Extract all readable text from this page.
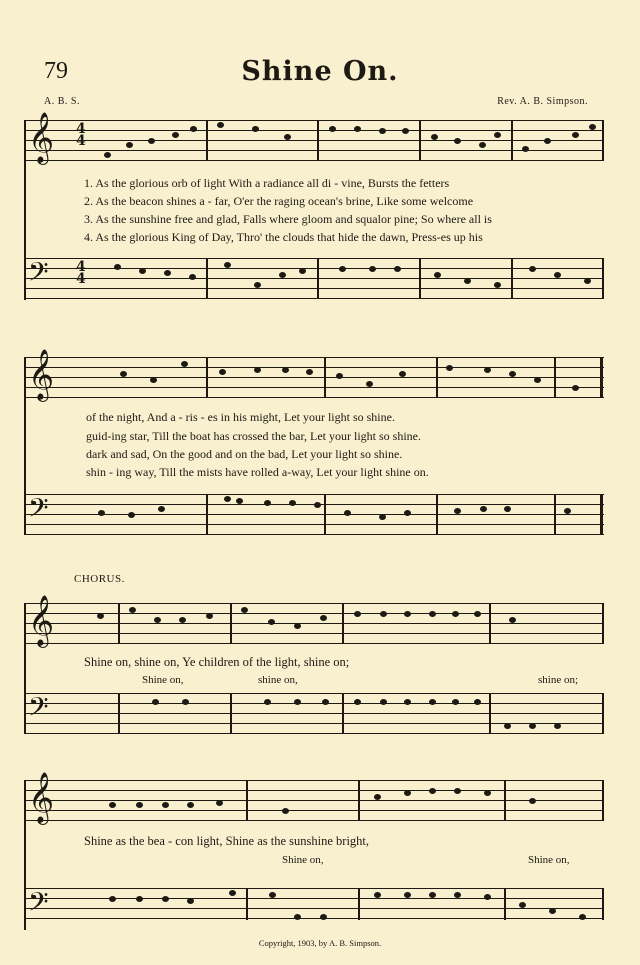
79	Shine On.
A. B. S.	Rev. A. B. Simpson.
𝄞 4
4
1. As the glorious orb of light With a radiance all di - vine, Bursts the fetters
2. As the beacon shines a - far, O'er the raging ocean's brine, Like some welcome
3. As the sunshine free and glad, Falls where gloom and squalor pine; So where all is
4. As the glorious King of Day, Thro' the clouds that hide the dawn, Press-es up his
𝄢 4
4
𝄞
of the night, And a - ris - es in his might, Let your light so shine.
guid-ing star, Till the boat has crossed the bar, Let your light so shine.
dark and sad, On the good and on the bad, Let your light so shine.
shin - ing way, Till the mists have rolled a-way, Let your light shine on.
𝄢
CHORUS.
𝄞
Shine on, shine on, Ye children of the light, shine on;
Shine on,	shine on,	shine on;
𝄢
𝄞
Shine as the bea - con light, Shine as the sunshine bright,
Shine on,	Shine on,
𝄢
Copyright, 1903, by A. B. Simpson.
